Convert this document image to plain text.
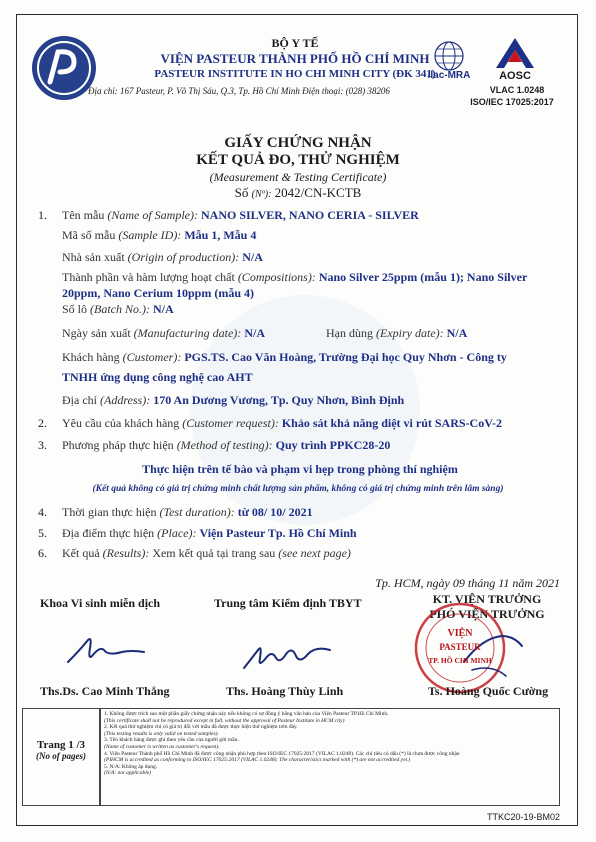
BỘ Y TẾ
VIỆN PASTEUR THÀNH PHỐ HỒ CHÍ MINH
PASTEUR INSTITUTE IN HO CHI MINH CITY (ĐK 341)
Địa chỉ: 167 Pasteur, P. Võ Thị Sáu, Q.3, Tp. Hồ Chí Minh Điện thoại: (028) 38206
ilac-MRA	AOSC
VLAC 1.0248
ISO/IEC 17025:2017
GIẤY CHỨNG NHẬN
KẾT QUẢ ĐO, THỬ NGHIỆM
(Measurement & Testing Certificate)
Số (Nº): 2042/CN-KCTB
1. Tên mẫu (Name of Sample): NANO SILVER, NANO CERIA - SILVER
Mã số mẫu (Sample ID): Mẫu 1, Mẫu 4
Nhà sản xuất (Origin of production): N/A
Thành phần và hàm lượng hoạt chất (Compositions): Nano Silver 25ppm (mẫu 1); Nano Silver
20ppm, Nano Cerium 10ppm (mẫu 4)
Số lô (Batch No.): N/A
Ngày sản xuất (Manufacturing date): N/A	Hạn dùng (Expiry date): N/A
Khách hàng (Customer): PGS.TS. Cao Văn Hoàng, Trường Đại học Quy Nhơn - Công ty
TNHH ứng dụng công nghệ cao AHT
Địa chỉ (Address): 170 An Dương Vương, Tp. Quy Nhơn, Bình Định
2. Yêu cầu của khách hàng (Customer request): Khảo sát khả năng diệt vi rút SARS-CoV-2
3. Phương pháp thực hiện (Method of testing): Quy trình PPKC28-20
Thực hiện trên tế bào và phạm vi hẹp trong phòng thí nghiệm
(Kết quả không có giá trị chứng minh chất lượng sản phẩm, không có giá trị chứng minh trên lâm sàng)
4. Thời gian thực hiện (Test duration): từ 08/ 10/ 2021
5. Địa điểm thực hiện (Place): Viện Pasteur Tp. Hồ Chí Minh
6. Kết quả (Results): Xem kết quả tại trang sau (see next page)
Tp. HCM, ngày 09 tháng 11 năm 2021
Khoa Vi sinh miễn dịch	Trung tâm Kiểm định TBYT	KT. VIỆN TRƯỞNG
PHÓ VIỆN TRƯỞNG
VIỆN
PASTEUR
TP. HỒ CHÍ MINH
Ths.Ds. Cao Minh Thắng	Ths. Hoàng Thùy Linh	Ts. Hoàng Quốc Cường
Trang 1 /3
(No of pages)
1. Không được trích sao một phần giấy chứng nhận này nếu không có sự đồng ý bằng văn bản của Viện Pasteur TP.Hồ Chí Minh.
(This certificate shall not be reproduced except in full, without the approval of Pasteur Institute in HCM city)
2. Kết quả thử nghiệm chỉ có giá trị đối với mẫu đã được thực hiện thử nghiệm trên đây.
(This testing results is only valid on tested samples).
3. Tên khách hàng được ghi theo yêu cầu của người gửi mẫu.
(Name of customer is written as customer's request).
4. Viện Pasteur Thành phố Hồ Chí Minh đã được công nhận phù hợp theo ISO/IEC 17025:2017 (VILAC 1.0248). Các chỉ tiêu có dấu (*) là chưa được công nhận
(PIHCM is accredited as conforming to ISO/IEC 17025:2017 (VILAC 1.0248). The characteristics marked with (*) are not accredited yet.)
5. N/A: Không áp dụng.
(N/A: not applicable)
TTKC20-19-BM02
